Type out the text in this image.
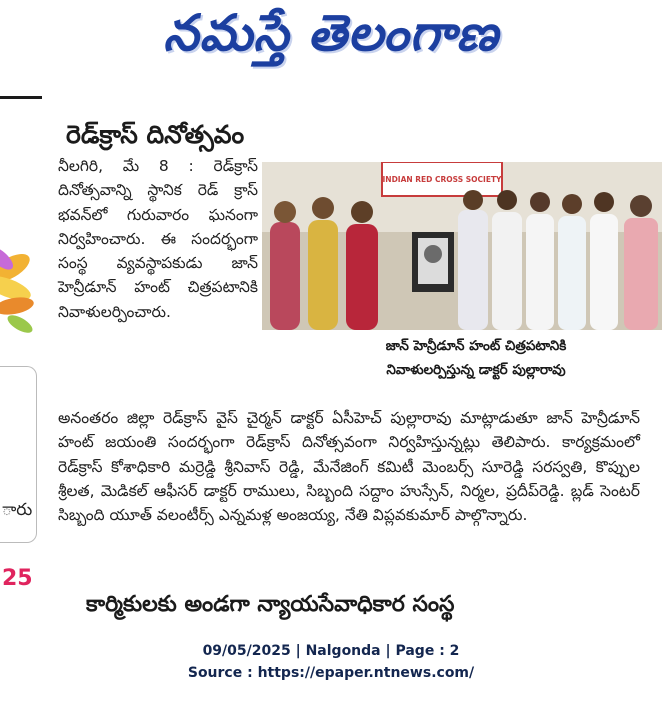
నమస్తే తెలంగాణ
ారు
25
రెడ్‌క్రాస్ దినోత్సవం

నీలగిరి, మే 8 : రెడ్‌క్రాస్ దినోత్సవాన్ని స్థానిక రెడ్ క్రాస్ భవన్‌లో గురువారం ఘనంగా నిర్వహించారు. ఈ సందర్భంగా సంస్థ వ్యవస్థాపకుడు జాన్ హెన్రీడూన్ హంట్ చిత్రపటానికి నివాళులర్పించారు.

INDIAN RED CROSS SOCIETY
జాన్ హెన్రీడూన్ హంట్ చిత్రపటానికి
నివాళులర్పిస్తున్న డాక్టర్ పుల్లారావు

అనంతరం జిల్లా రెడ్‌క్రాస్ వైస్ చైర్మన్ డాక్టర్ ఏసీహెచ్ పుల్లారావు మాట్లాడుతూ జాన్ హెన్రీడూన్ హంట్ జయంతి సందర్భంగా రెడ్‌క్రాస్ దినోత్సవంగా నిర్వహిస్తున్నట్లు తెలిపారు. కార్యక్రమంలో రెడ్‌క్రాస్ కోశాధికారి మర్రెడ్డి శ్రీనివాస్ రెడ్డి, మేనేజింగ్ కమిటీ మెంబర్స్ సూరెడ్డి సరస్వతి, కొప్పుల శ్రీలత, మెడికల్ ఆఫీసర్ డాక్టర్ రాములు, సిబ్బంది సద్దాం హుస్సేన్, నిర్మల, ప్రదీప్‌రెడ్డి. బ్లడ్ సెంటర్ సిబ్బంది యూత్ వలంటీర్స్ ఎన్నమళ్ల అంజయ్య, నేతి విప్లవకుమార్ పాల్గొన్నారు.

కార్మికులకు అండగా న్యాయసేవాధికార సంస్థ
09/05/2025 | Nalgonda | Page : 2
Source : https://epaper.ntnews.com/
